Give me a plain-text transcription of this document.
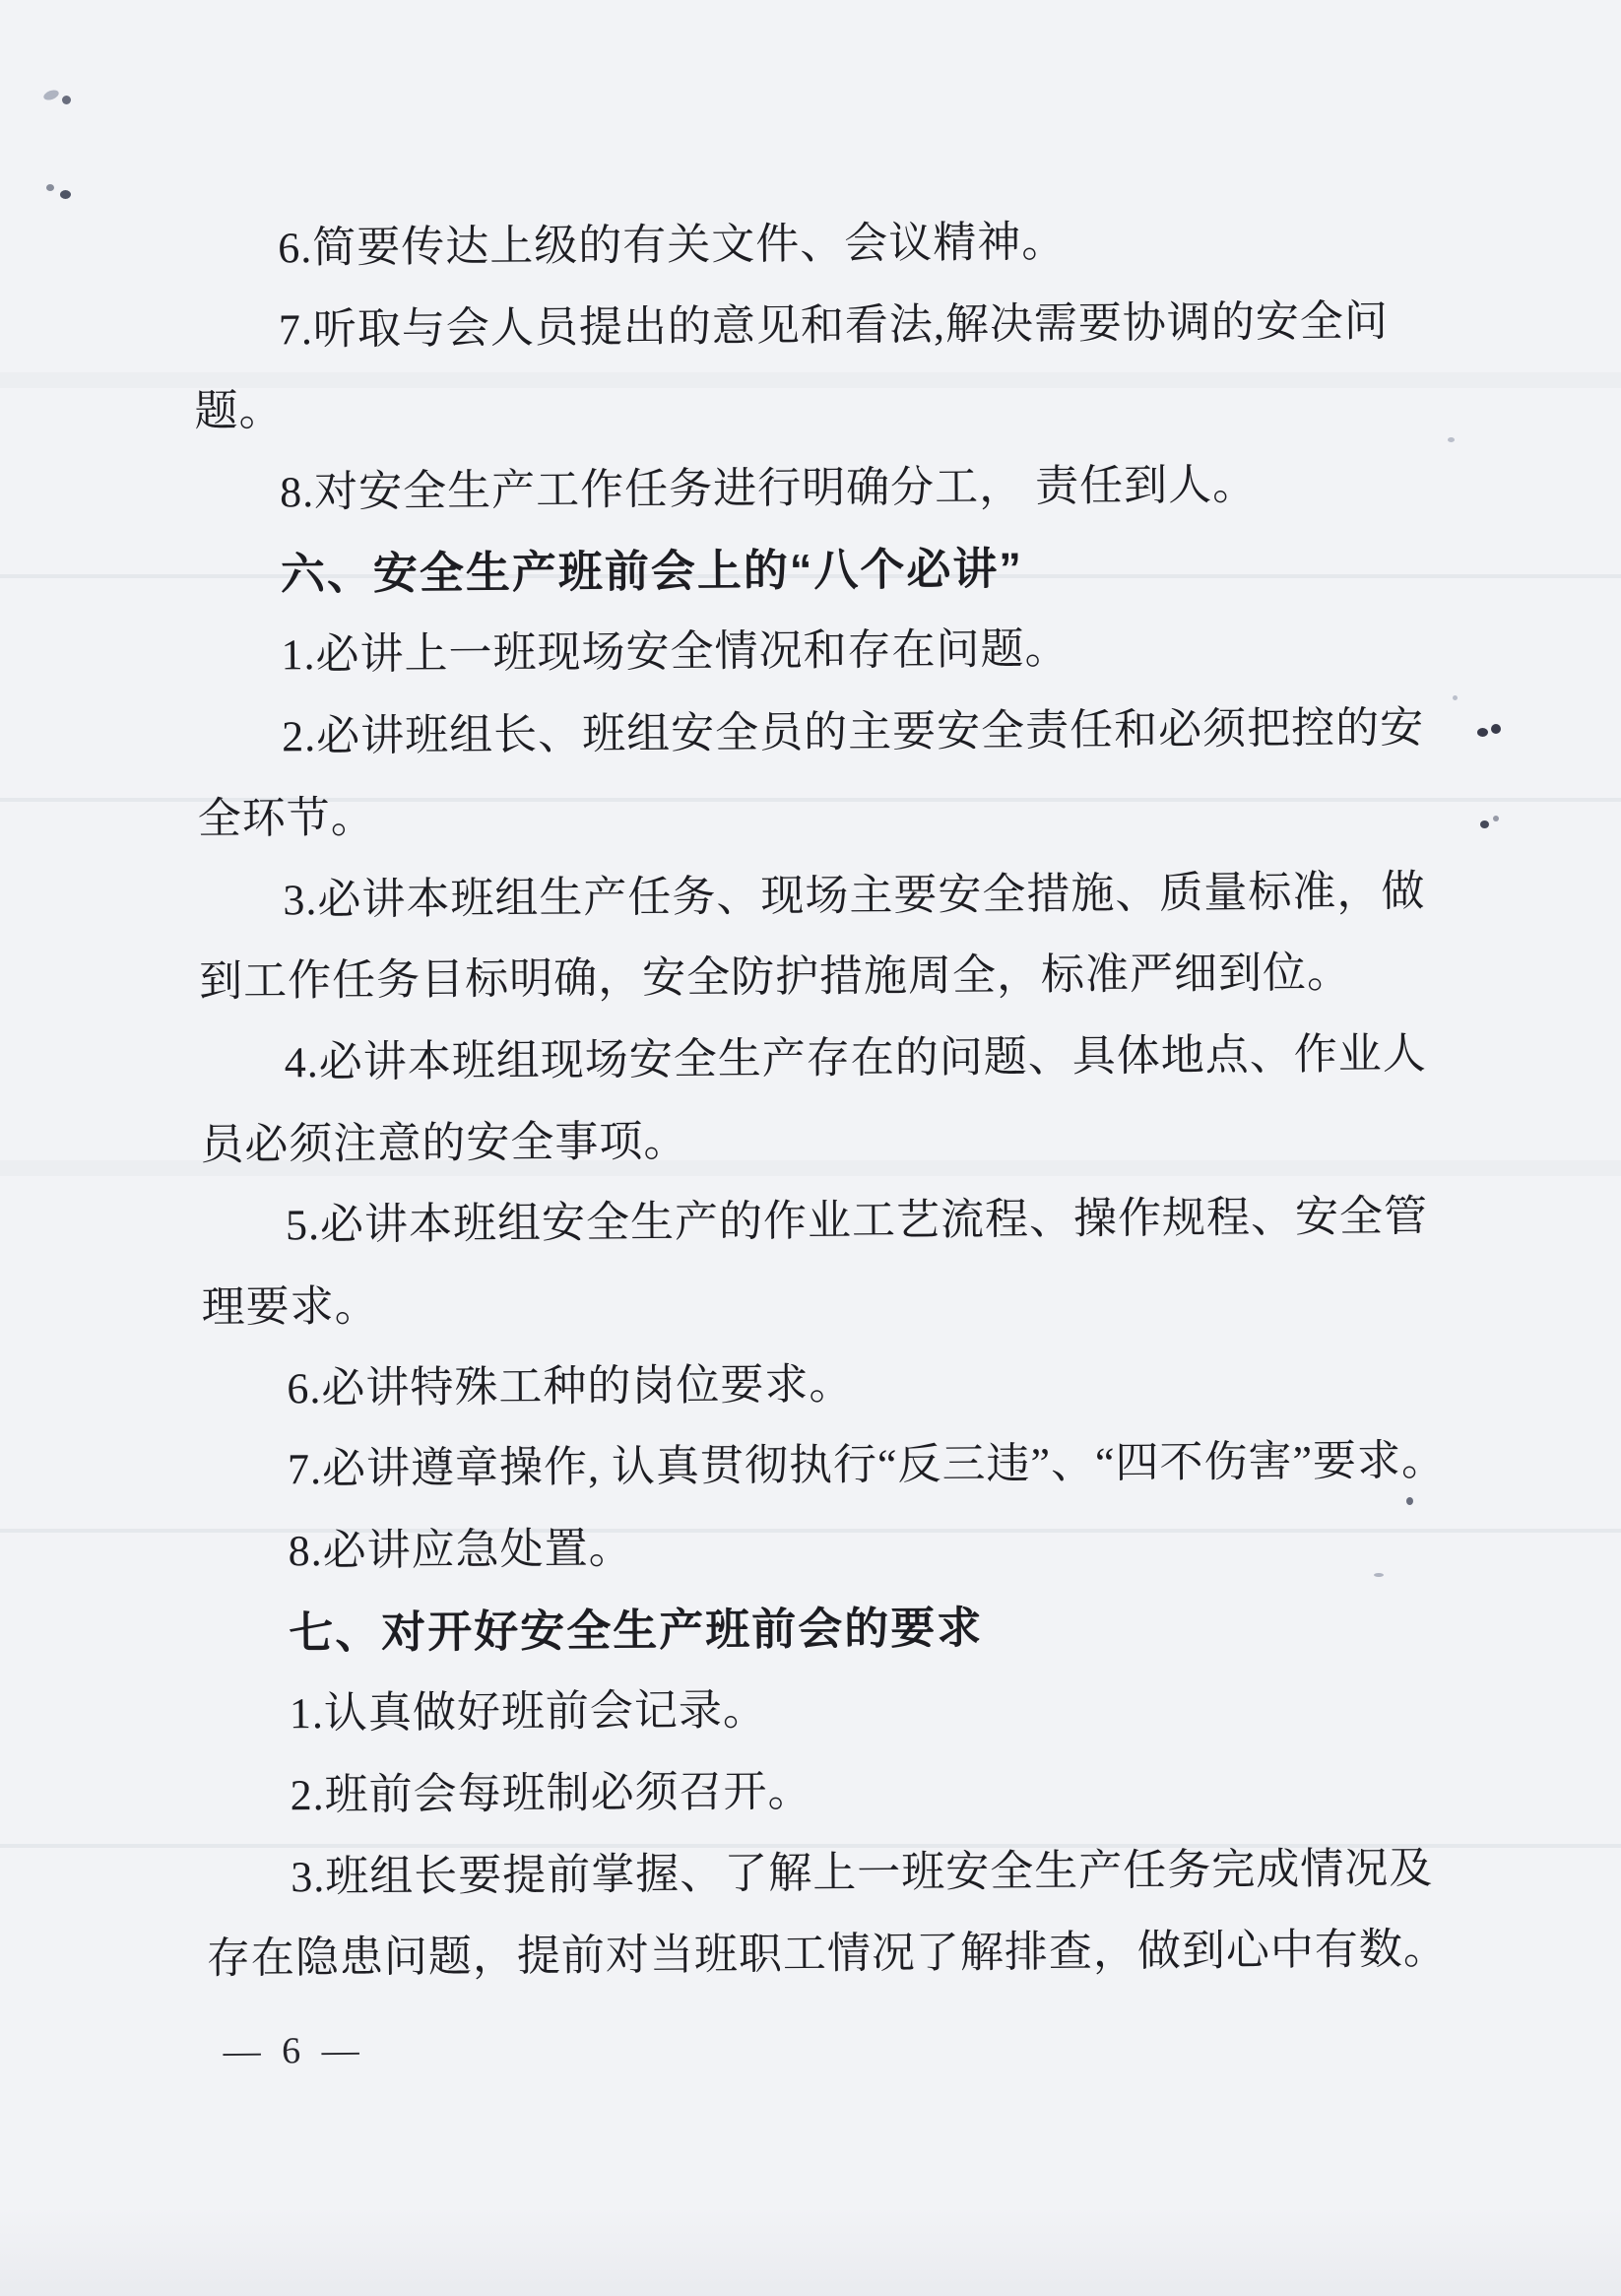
6.简要传达上级的有关文件、会议精神。
7.听取与会人员提出的意见和看法,解决需要协调的安全问
题。
8.对安全生产工作任务进行明确分工， 责任到人。
六、安全生产班前会上的“八个必讲”
1.必讲上一班现场安全情况和存在问题。
2.必讲班组长、班组安全员的主要安全责任和必须把控的安
全环节。
3.必讲本班组生产任务、现场主要安全措施、质量标准，做
到工作任务目标明确，安全防护措施周全，标准严细到位。
4.必讲本班组现场安全生产存在的问题、具体地点、作业人
员必须注意的安全事项。
5.必讲本班组安全生产的作业工艺流程、操作规程、安全管
理要求。
6.必讲特殊工种的岗位要求。
7.必讲遵章操作, 认真贯彻执行“反三违”、“四不伤害”要求。
8.必讲应急处置。
七、对开好安全生产班前会的要求
1.认真做好班前会记录。
2.班前会每班制必须召开。
3.班组长要提前掌握、了解上一班安全生产任务完成情况及
存在隐患问题，提前对当班职工情况了解排查，做到心中有数。
— 6 —
